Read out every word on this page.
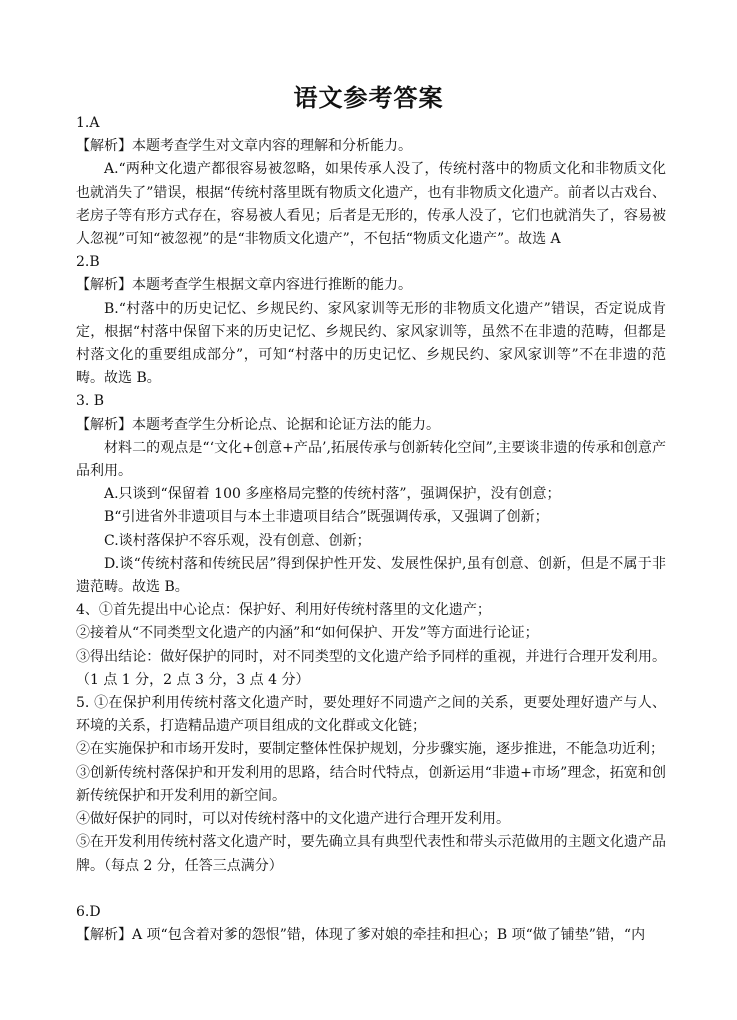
语文参考答案

1.A

【解析】本题考查学生对文章内容的理解和分析能力。

A.“两种文化遗产都很容易被忽略，如果传承人没了，传统村落中的物质文化和非物质文化也就消失了”错误，根据“传统村落里既有物质文化遗产，也有非物质文化遗产。前者以古戏台、老房子等有形方式存在，容易被人看见；后者是无形的，传承人没了，它们也就消失了，容易被人忽视”可知“被忽视”的是“非物质文化遗产”，不包括“物质文化遗产”。故选 A

2.B

【解析】本题考查学生根据文章内容进行推断的能力。

B.“村落中的历史记忆、乡规民约、家风家训等无形的非物质文化遗产”错误，否定说成肯定，根据“村落中保留下来的历史记忆、乡规民约、家风家训等，虽然不在非遗的范畴，但都是村落文化的重要组成部分”，可知“村落中的历史记忆、乡规民约、家风家训等”不在非遗的范畴。故选 B。

3. B

【解析】本题考查学生分析论点、论据和论证方法的能力。

材料二的观点是“‘文化+创意+产品’,拓展传承与创新转化空间”,主要谈非遗的传承和创意产品利用。

A.只谈到“保留着 100 多座格局完整的传统村落”，强调保护，没有创意；

B“引进省外非遗项目与本土非遗项目结合”既强调传承，又强调了创新；

C.谈村落保护不容乐观，没有创意、创新；

D.谈“传统村落和传统民居”得到保护性开发、发展性保护,虽有创意、创新，但是不属于非遗范畴。故选 B。

4、①首先提出中心论点：保护好、利用好传统村落里的文化遗产；

②接着从“不同类型文化遗产的内涵”和“如何保护、开发”等方面进行论证；

③得出结论：做好保护的同时，对不同类型的文化遗产给予同样的重视，并进行合理开发利用。（1 点 1 分，2 点 3 分，3 点 4 分）

5. ①在保护利用传统村落文化遗产时，要处理好不同遗产之间的关系，更要处理好遗产与人、环境的关系，打造精品遗产项目组成的文化群或文化链；

②在实施保护和市场开发时，要制定整体性保护规划，分步骤实施，逐步推进，不能急功近利；

③创新传统村落保护和开发利用的思路，结合时代特点，创新运用“非遗+市场”理念，拓宽和创新传统保护和开发利用的新空间。

④做好保护的同时，可以对传统村落中的文化遗产进行合理开发利用。

⑤在开发利用传统村落文化遗产时，要先确立具有典型代表性和带头示范做用的主题文化遗产品牌。（每点 2 分，任答三点满分）

6.D

【解析】A 项“包含着对爹的怨恨”错，体现了爹对娘的牵挂和担心；B 项“做了铺垫”错，“内
